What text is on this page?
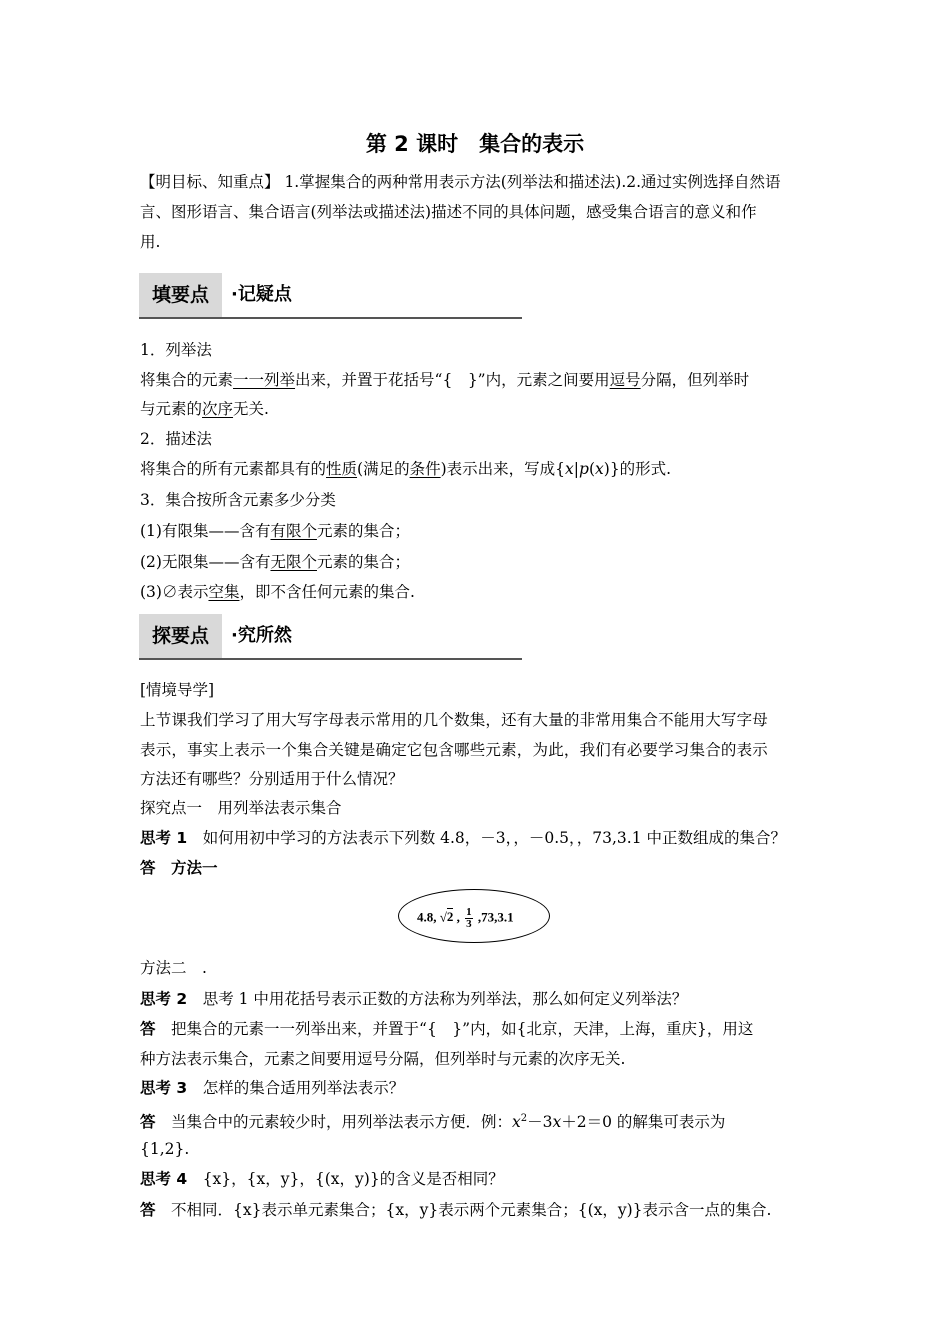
第 2 课时　集合的表示
【明目标、知重点】 1.掌握集合的两种常用表示方法(列举法和描述法).2.通过实例选择自然语
言、图形语言、集合语言(列举法或描述法)描述不同的具体问题，感受集合语言的意义和作
用.
填要点	·记疑点
1．列举法
将集合的元素一一列举出来，并置于花括号“{　}”内，元素之间要用逗号分隔，但列举时
与元素的次序无关.
2．描述法
将集合的所有元素都具有的性质(满足的条件)表示出来，写成{x|p(x)}的形式.
3．集合按所含元素多少分类
(1)有限集——含有有限个元素的集合；
(2)无限集——含有无限个元素的集合；
(3)∅表示空集，即不含任何元素的集合.
探要点	·究所然
[情境导学]
上节课我们学习了用大写字母表示常用的几个数集，还有大量的非常用集合不能用大写字母
表示，事实上表示一个集合关键是确定它包含哪些元素，为此，我们有必要学习集合的表示
方法还有哪些？分别适用于什么情况？
探究点一　用列举法表示集合
思考 1　如何用初中学习的方法表示下列数 4.8，－3，，－0.5，，73,3.1 中正数组成的集合？
答　方法一
4.8, √2 , $\frac{1}{3} ,73,3.1$
方法二　.
思考 2　思考 1 中用花括号表示正数的方法称为列举法，那么如何定义列举法？
答　把集合的元素一一列举出来，并置于“{　}”内，如{北京，天津，上海，重庆}，用这
种方法表示集合，元素之间要用逗号分隔，但列举时与元素的次序无关.
思考 3　怎样的集合适用列举法表示？
答　当集合中的元素较少时，用列举法表示方便．例：$x^2-3x+2=0$ 的解集可表示为
{1,2}.
思考 4　{x}，{x，y}，{(x，y)}的含义是否相同？
答　不相同．{x}表示单元素集合；{x，y}表示两个元素集合；{(x，y)}表示含一点的集合.
